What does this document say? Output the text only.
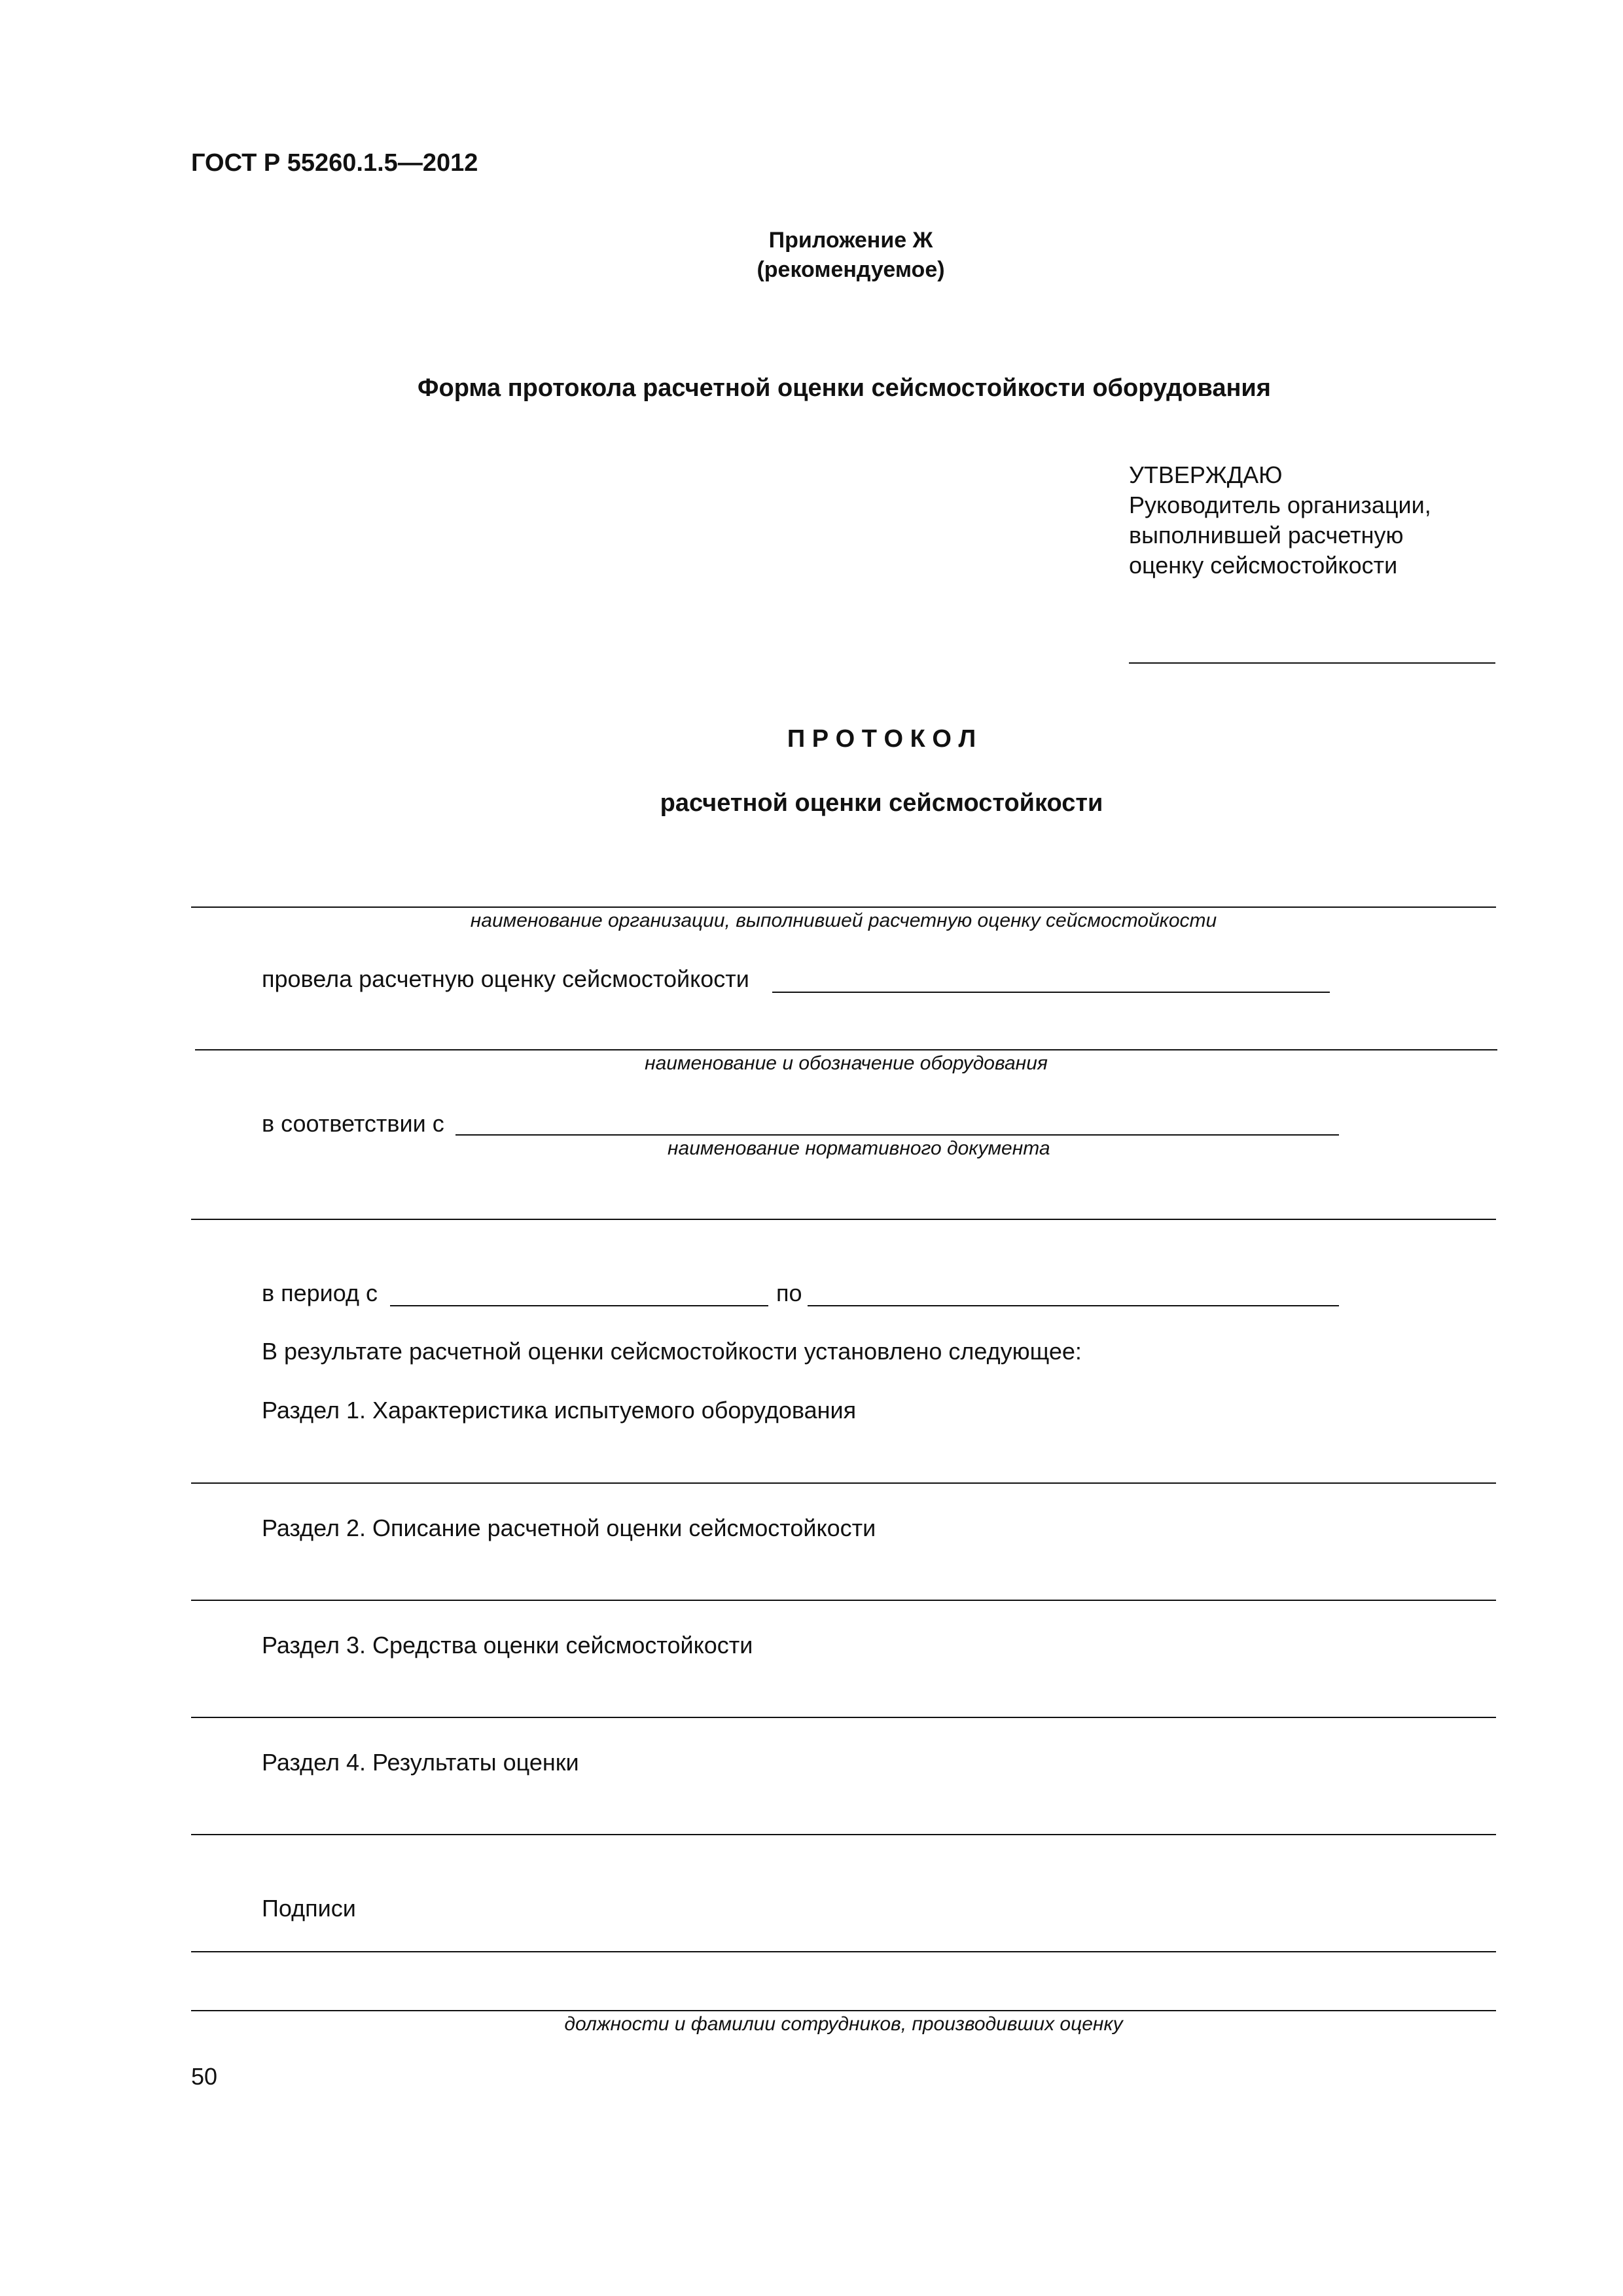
ГОСТ Р 55260.1.5—2012
Приложение Ж
(рекомендуемое)
Форма протокола расчетной оценки сейсмостойкости оборудования
УТВЕРЖДАЮ
Руководитель организации,
выполнившей расчетную
оценку сейсмостойкости
П Р О Т О К О Л
расчетной оценки сейсмостойкости
наименование организации, выполнившей расчетную оценку сейсмостойкости
провела расчетную оценку сейсмостойкости
наименование и обозначение оборудования
в соответствии с
наименование нормативного документа
в период с	по
В результате расчетной оценки сейсмостойкости установлено следующее:
Раздел 1. Характеристика испытуемого оборудования
Раздел 2. Описание расчетной оценки сейсмостойкости
Раздел 3. Средства оценки сейсмостойкости
Раздел 4. Результаты оценки
Подписи
должности и фамилии сотрудников, производивших оценку
50
